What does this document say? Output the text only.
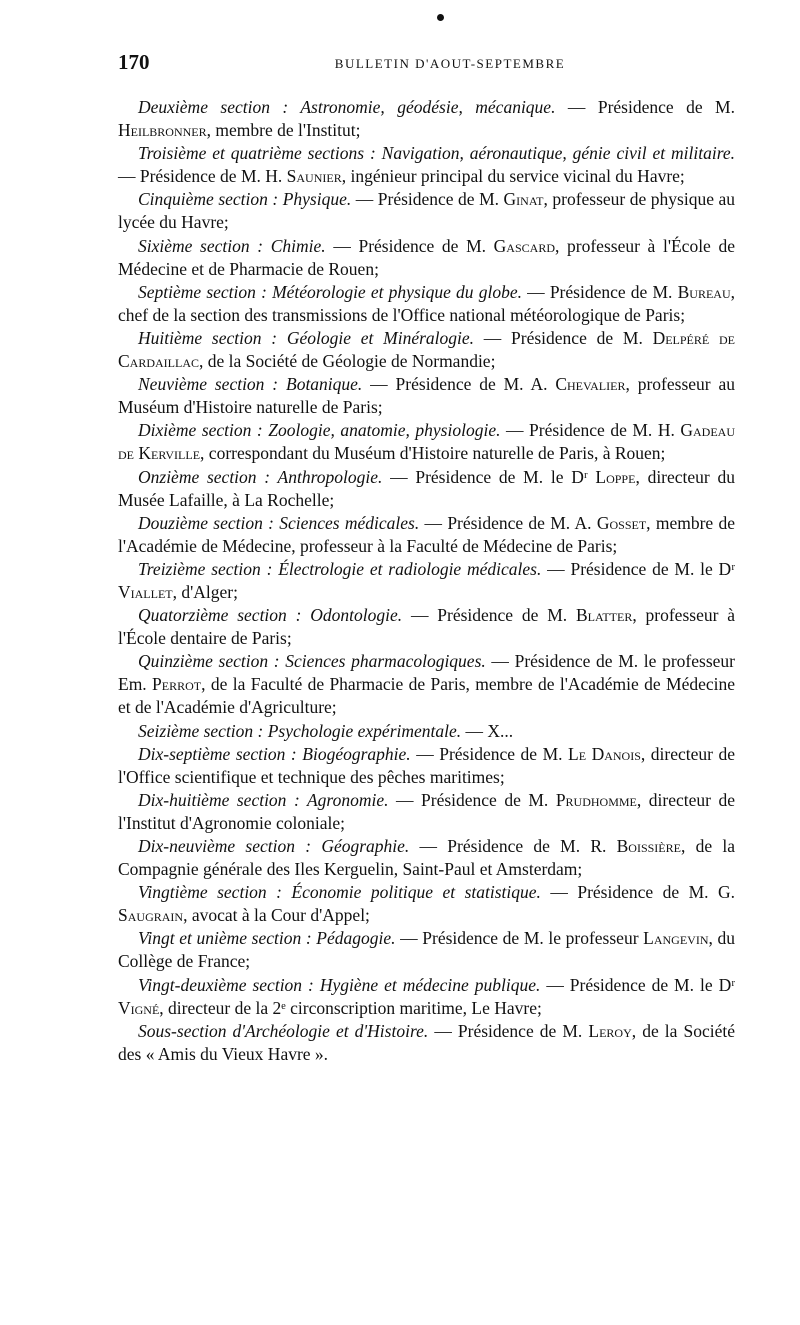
170	BULLETIN D'AOUT-SEPTEMBRE

Deuxième section : Astronomie, géodésie, mécanique. — Présidence de M. Heilbronner, membre de l'Institut;

Troisième et quatrième sections : Navigation, aéronautique, génie civil et militaire. — Présidence de M. H. Saunier, ingénieur principal du service vicinal du Havre;

Cinquième section : Physique. — Présidence de M. Ginat, professeur de physique au lycée du Havre;

Sixième section : Chimie. — Présidence de M. Gascard, professeur à l'École de Médecine et de Pharmacie de Rouen;

Septième section : Météorologie et physique du globe. — Présidence de M. Bureau, chef de la section des transmissions de l'Office national météorologique de Paris;

Huitième section : Géologie et Minéralogie. — Présidence de M. Delpéré de Cardaillac, de la Société de Géologie de Normandie;

Neuvième section : Botanique. — Présidence de M. A. Chevalier, professeur au Muséum d'Histoire naturelle de Paris;

Dixième section : Zoologie, anatomie, physiologie. — Présidence de M. H. Gadeau de Kerville, correspondant du Muséum d'Histoire naturelle de Paris, à Rouen;

Onzième section : Anthropologie. — Présidence de M. le Dʳ Loppe, directeur du Musée Lafaille, à La Rochelle;

Douzième section : Sciences médicales. — Présidence de M. A. Gosset, membre de l'Académie de Médecine, professeur à la Faculté de Médecine de Paris;

Treizième section : Électrologie et radiologie médicales. — Présidence de M. le Dʳ Viallet, d'Alger;

Quatorzième section : Odontologie. — Présidence de M. Blatter, professeur à l'École dentaire de Paris;

Quinzième section : Sciences pharmacologiques. — Présidence de M. le professeur Em. Perrot, de la Faculté de Pharmacie de Paris, membre de l'Académie de Médecine et de l'Académie d'Agriculture;

Seizième section : Psychologie expérimentale. — X...

Dix-septième section : Biogéographie. — Présidence de M. Le Danois, directeur de l'Office scientifique et technique des pêches maritimes;

Dix-huitième section : Agronomie. — Présidence de M. Prudhomme, directeur de l'Institut d'Agronomie coloniale;

Dix-neuvième section : Géographie. — Présidence de M. R. Boissière, de la Compagnie générale des Iles Kerguelin, Saint-Paul et Amsterdam;

Vingtième section : Économie politique et statistique. — Présidence de M. G. Saugrain, avocat à la Cour d'Appel;

Vingt et unième section : Pédagogie. — Présidence de M. le professeur Langevin, du Collège de France;

Vingt-deuxième section : Hygiène et médecine publique. — Présidence de M. le Dʳ Vigné, directeur de la 2ᵉ circonscription maritime, Le Havre;

Sous-section d'Archéologie et d'Histoire. — Présidence de M. Leroy, de la Société des « Amis du Vieux Havre ».
